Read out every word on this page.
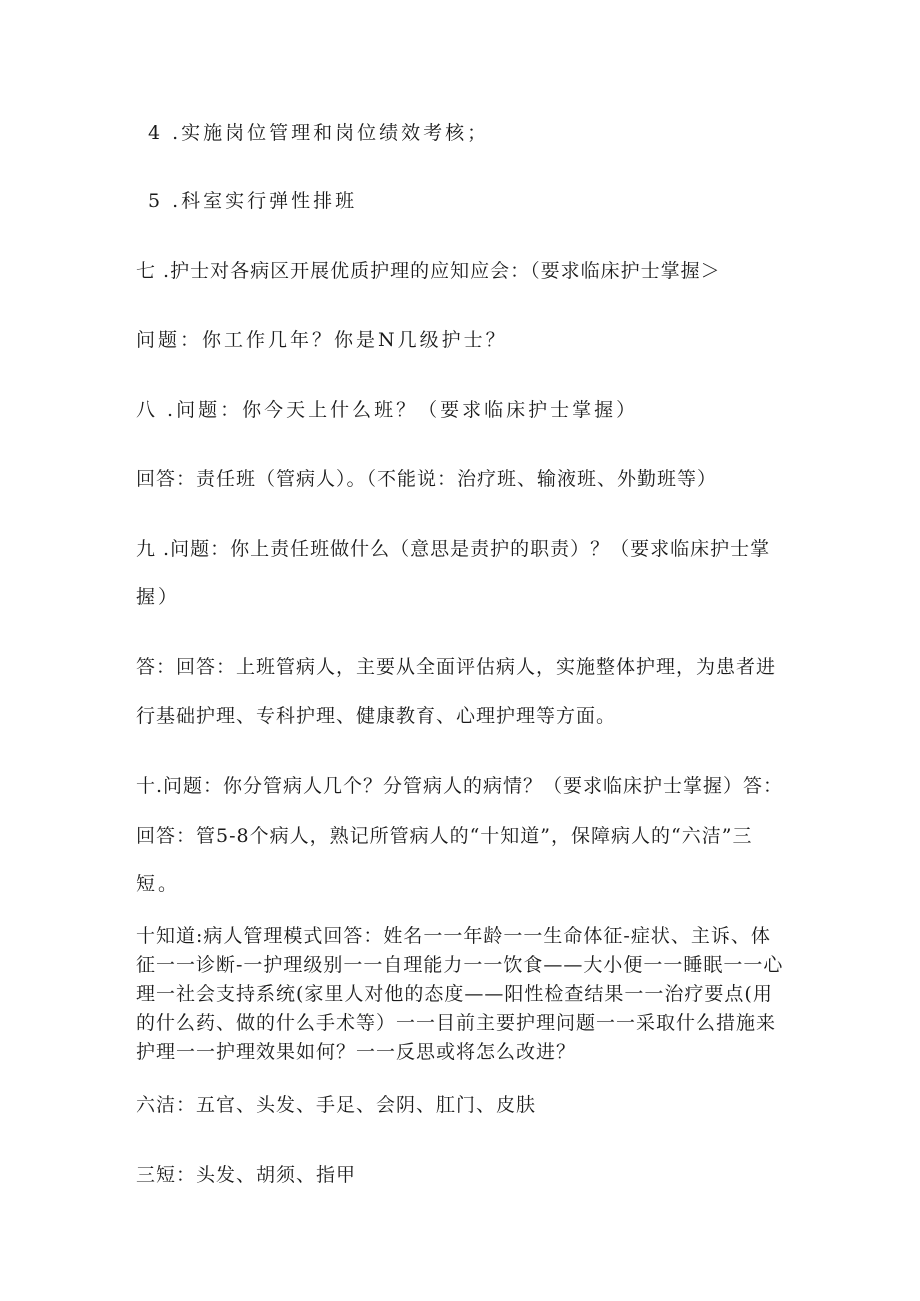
4 .实施岗位管理和岗位绩效考核；

5 .科室实行弹性排班

七 .护士对各病区开展优质护理的应知应会：（要求临床护士掌握＞

问题：你工作几年？你是N几级护士？

八 .问题：你今天上什么班？（要求临床护士掌握）

回答：责任班（管病人）。（不能说：治疗班、输液班、外勤班等）

九 .问题：你上责任班做什么（意思是责护的职责）？（要求临床护士掌

握）

答：回答：上班管病人，主要从全面评估病人，实施整体护理，为患者进

行基础护理、专科护理、健康教育、心理护理等方面。

十.问题：你分管病人几个？分管病人的病情？（要求临床护士掌握）答：

回答：管5-8个病人，熟记所管病人的“十知道”，保障病人的“六洁”三

短。

十知道:病人管理模式回答：姓名一一年龄一一生命体征-症状、主诉、体
征一一诊断-一护理级别一一自理能力一一饮食——大小便一一睡眠一一心
理一社会支持系统(家里人对他的态度——阳性检查结果一一治疗要点(用
的什么药、做的什么手术等）一一目前主要护理问题一一采取什么措施来
护理一一护理效果如何？一一反思或将怎么改进？

六洁：五官、头发、手足、会阴、肛门、皮肤

三短：头发、胡须、指甲
